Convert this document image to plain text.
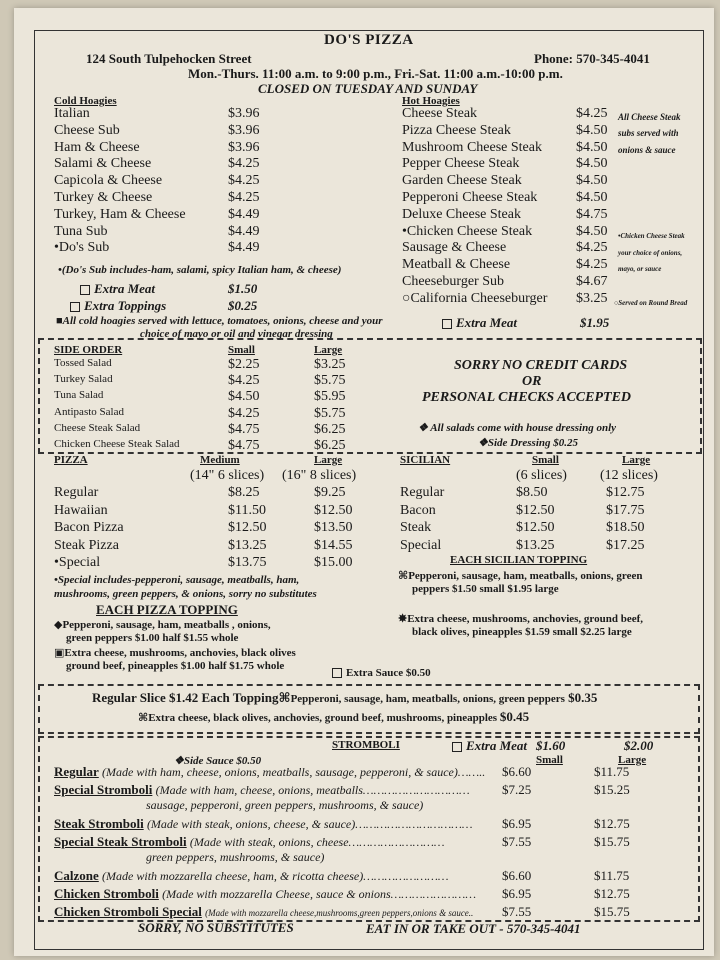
DO'S PIZZA
124 South Tulpehocken Street	Phone: 570-345-4041
Mon.-Thurs. 11:00 a.m. to 9:00 p.m., Fri.-Sat. 11:00 a.m.-10:00 p.m.
CLOSED ON TUESDAY AND SUNDAY
Cold Hoagies
Italian	$3.96
Cheese Sub	$3.96
Ham & Cheese	$3.96
Salami & Cheese	$4.25
Capicola & Cheese	$4.25
Turkey & Cheese	$4.25
Turkey, Ham & Cheese	$4.49
Tuna Sub	$4.49
•Do's Sub	$4.49
•(Do's Sub includes-ham, salami, spicy Italian ham, & cheese)
Extra Meat	$1.50
Extra Toppings	$0.25
■All cold hoagies served with lettuce, tomatoes, onions, cheese and your
choice of mayo or oil and vinegar dressing
Hot Hoagies
Cheese Steak	$4.25
Pizza Cheese Steak	$4.50
Mushroom Cheese Steak $4.50
Pepper Cheese Steak	$4.50
Garden Cheese Steak	$4.50
Pepperoni Cheese Steak	$4.50
Deluxe Cheese Steak	$4.75
•Chicken Cheese Steak	$4.50
Sausage & Cheese	$4.25
Meatball & Cheese	$4.25
Cheeseburger Sub	$4.67
○California Cheeseburger $3.25
All Cheese Steak
subs served with
onions & sauce
•Chicken Cheese Steak
your choice of onions,
mayo, or sauce
○Served on Round Bread
Extra Meat	$1.95
SIDE ORDER	Small	Large
Tossed Salad	$2.25	$3.25
Turkey Salad	$4.25	$5.75
Tuna Salad	$4.50	$5.95
Antipasto Salad	$4.25	$5.75
Cheese Steak Salad	$4.75	$6.25
Chicken Cheese Steak Salad	$4.75	$6.25
SORRY NO CREDIT CARDS
OR
PERSONAL CHECKS ACCEPTED
❖ All salads come with house dressing only
❖Side Dressing $0.25
PIZZA	Medium	Large
(14" 6 slices) (16" 8 slices)
Regular	$8.25	$9.25
Hawaiian	$11.50	$12.50
Bacon Pizza	$12.50	$13.50
Steak Pizza	$13.25	$14.55
•Special	$13.75	$15.00
•Special includes-pepperoni, sausage, meatballs, ham,
mushrooms, green peppers, & onions, sorry no substitutes
EACH PIZZA TOPPING
◆Pepperoni, sausage, ham, meatballs , onions,
green peppers $1.00 half $1.55 whole
▣Extra cheese, mushrooms, anchovies, black olives
ground beef, pineapples $1.00 half $1.75 whole
SICILIAN	Small	Large
(6 slices) (12 slices)
Regular	$8.50	$12.75
Bacon	$12.50	$17.75
Steak	$12.50	$18.50
Special	$13.25	$17.25
EACH SICILIAN TOPPING
⌘Pepperoni, sausage, ham, meatballs, onions, green
peppers $1.50 small $1.95 large
✸Extra cheese, mushrooms, anchovies, ground beef,
black olives, pineapples $1.59 small $2.25 large
Extra Sauce $0.50
Regular Slice $1.42 Each Topping⌘Pepperoni, sausage, ham, meatballs, onions, green peppers $0.35
⌘Extra cheese, black olives, anchovies, ground beef, mushrooms, pineapples $0.45
STROMBOLI	Extra Meat $1.60	$2.00
❖Side Sauce $0.50	Small	Large
Regular (Made with ham, cheese, onions, meatballs, sausage, pepperoni, & sauce)…….. $6.60	$11.75
Special Stromboli (Made with ham, cheese, onions, meatballs………………………… $7.25	$15.25
sausage, pepperoni, green peppers, mushrooms, & sauce)
Steak Stromboli (Made with steak, onions, cheese, & sauce)…………………………… $6.95	$12.75
Special Steak Stromboli (Made with steak, onions, cheese………………………	$7.55	$15.75
green peppers, mushrooms, & sauce)
Calzone (Made with mozzarella cheese, ham, & ricotta cheese)……………………	$6.60	$11.75
Chicken Stromboli (Made with mozzarella Cheese, sauce & onions…………………… $6.95	$12.75
Chicken Stromboli Special (Made with mozzarella cheese,mushrooms,green peppers,onions & sauce.. $7.55	$15.75
SORRY, NO SUBSTITUTES	EAT IN OR TAKE OUT - 570-345-4041
